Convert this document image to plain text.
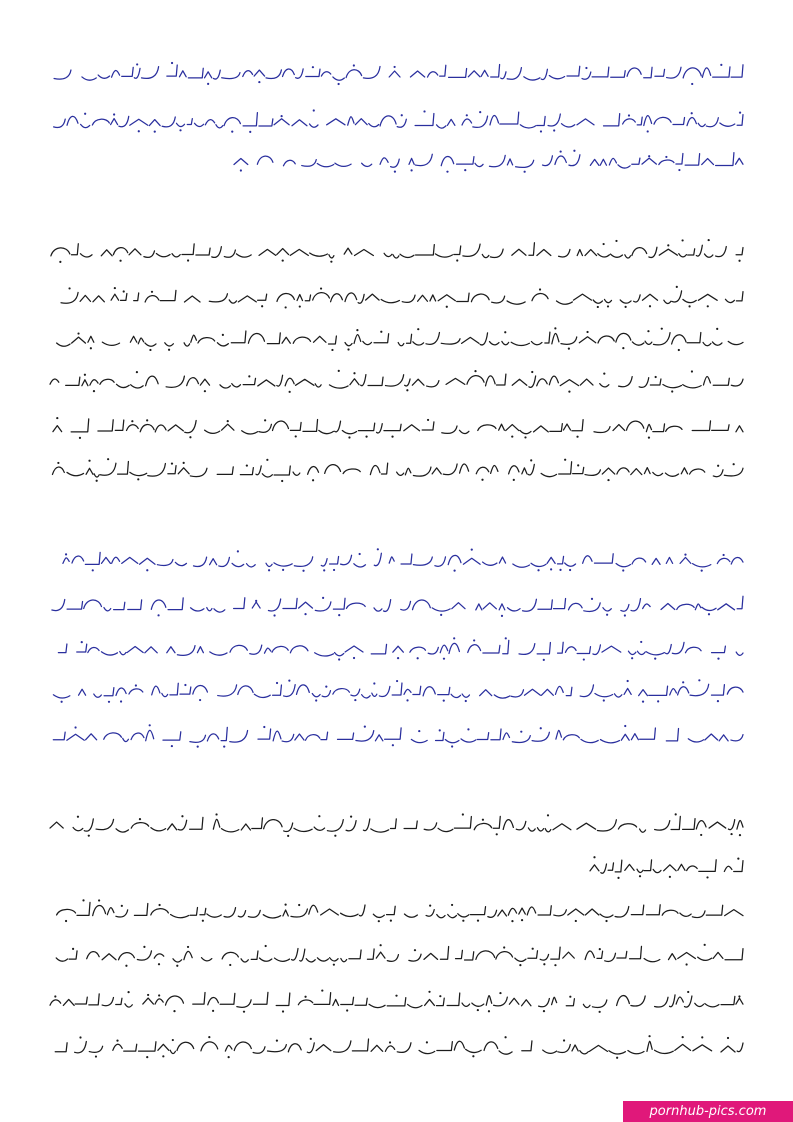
pornhub-pics.com
